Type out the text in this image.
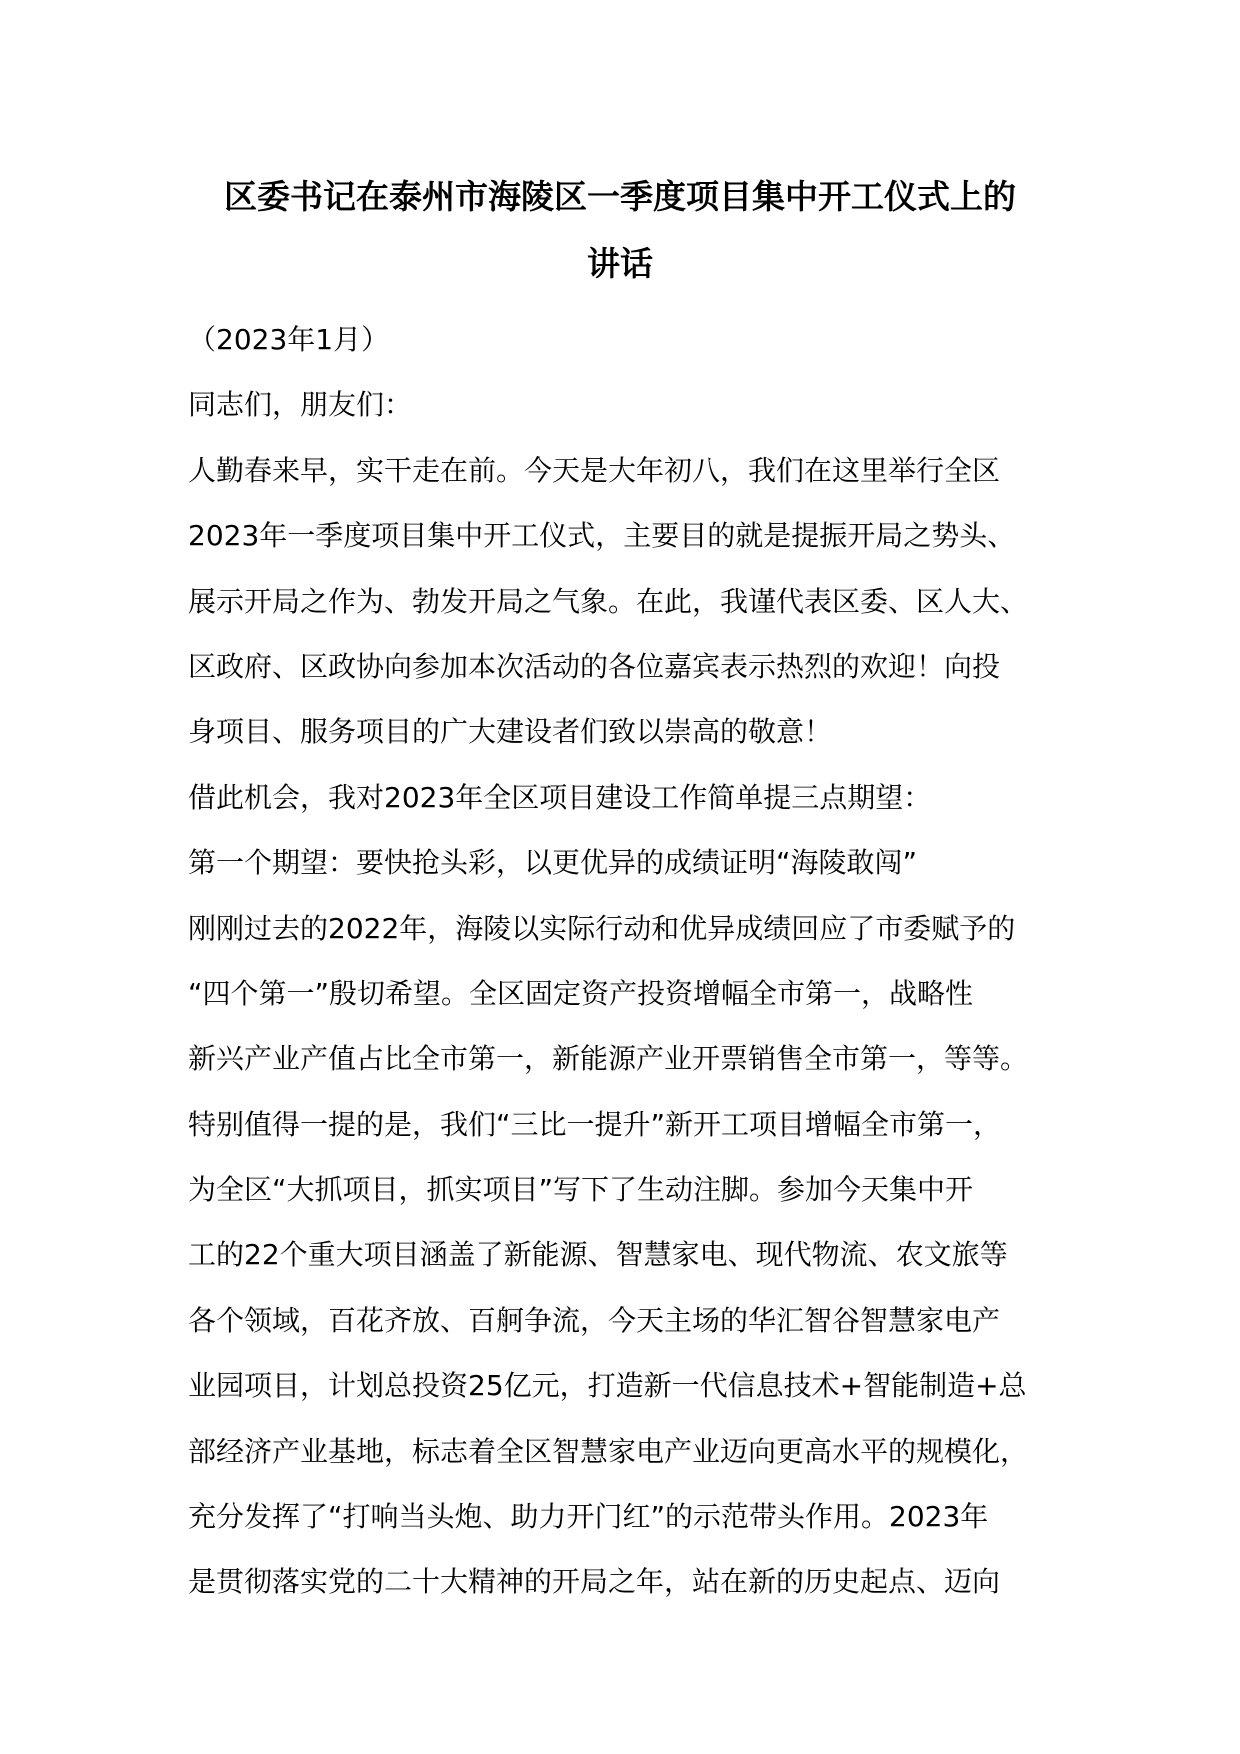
区委书记在泰州市海陵区一季度项目集中开工仪式上的
讲话
（2023年1月）
同志们，朋友们：
人勤春来早，实干走在前。今天是大年初八，我们在这里举行全区
2023年一季度项目集中开工仪式，主要目的就是提振开局之势头、
展示开局之作为、勃发开局之气象。在此，我谨代表区委、区人大、
区政府、区政协向参加本次活动的各位嘉宾表示热烈的欢迎！向投
身项目、服务项目的广大建设者们致以崇高的敬意！
借此机会，我对2023年全区项目建设工作简单提三点期望：
第一个期望：要快抢头彩，以更优异的成绩证明“海陵敢闯”
刚刚过去的2022年，海陵以实际行动和优异成绩回应了市委赋予的
“四个第一”殷切希望。全区固定资产投资增幅全市第一，战略性
新兴产业产值占比全市第一，新能源产业开票销售全市第一，等等。
特别值得一提的是，我们“三比一提升”新开工项目增幅全市第一，
为全区“大抓项目，抓实项目”写下了生动注脚。参加今天集中开
工的22个重大项目涵盖了新能源、智慧家电、现代物流、农文旅等
各个领域，百花齐放、百舸争流，今天主场的华汇智谷智慧家电产
业园项目，计划总投资25亿元，打造新一代信息技术+智能制造+总
部经济产业基地，标志着全区智慧家电产业迈向更高水平的规模化，
充分发挥了“打响当头炮、助力开门红”的示范带头作用。2023年
是贯彻落实党的二十大精神的开局之年，站在新的历史起点、迈向
